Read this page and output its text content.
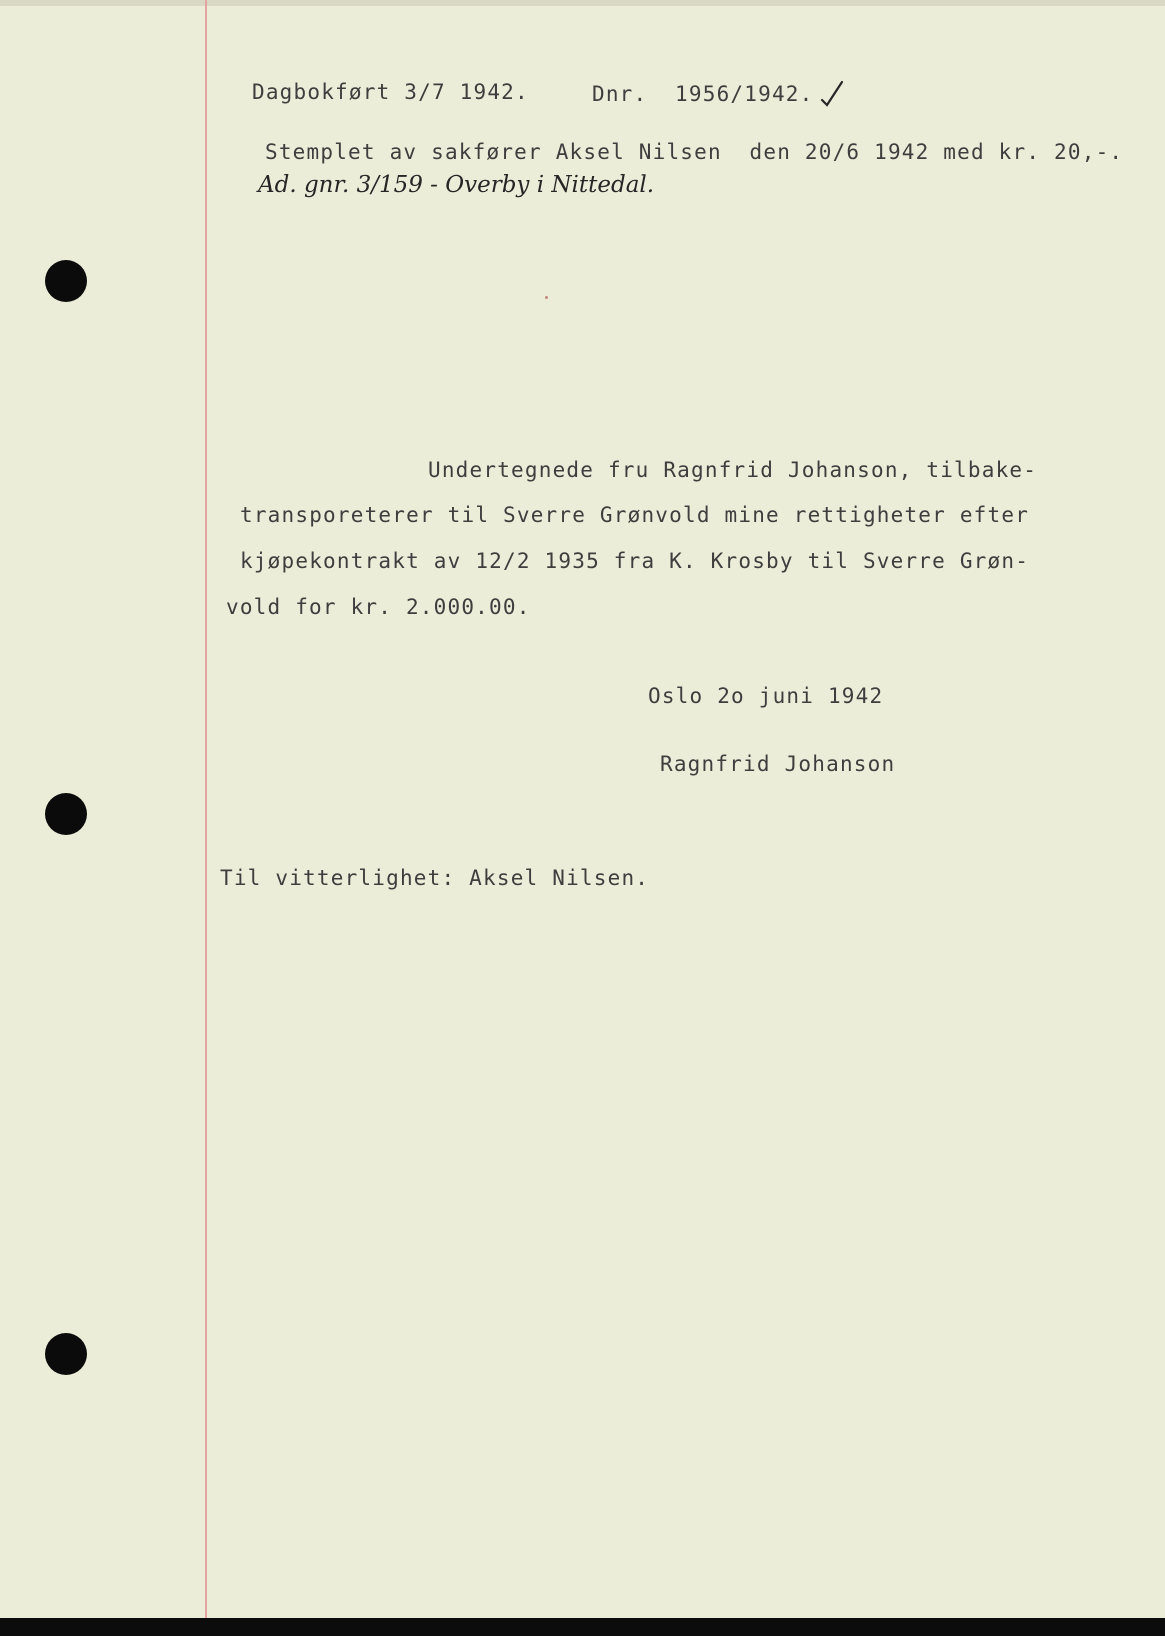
Dagbokført 3/7 1942.	Dnr.  1956/1942.
Stemplet av sakfører Aksel Nilsen  den 20/6 1942 med kr. 20,-.
Ad. gnr. 3/159 - Overby i Nittedal.
Undertegnede fru Ragnfrid Johanson, tilbake-
transporeterer til Sverre Grønvold mine rettigheter efter
kjøpekontrakt av 12/2 1935 fra K. Krosby til Sverre Grøn-
vold for kr. 2.000.00.
Oslo 2o juni 1942
Ragnfrid Johanson
Til vitterlighet: Aksel Nilsen.
